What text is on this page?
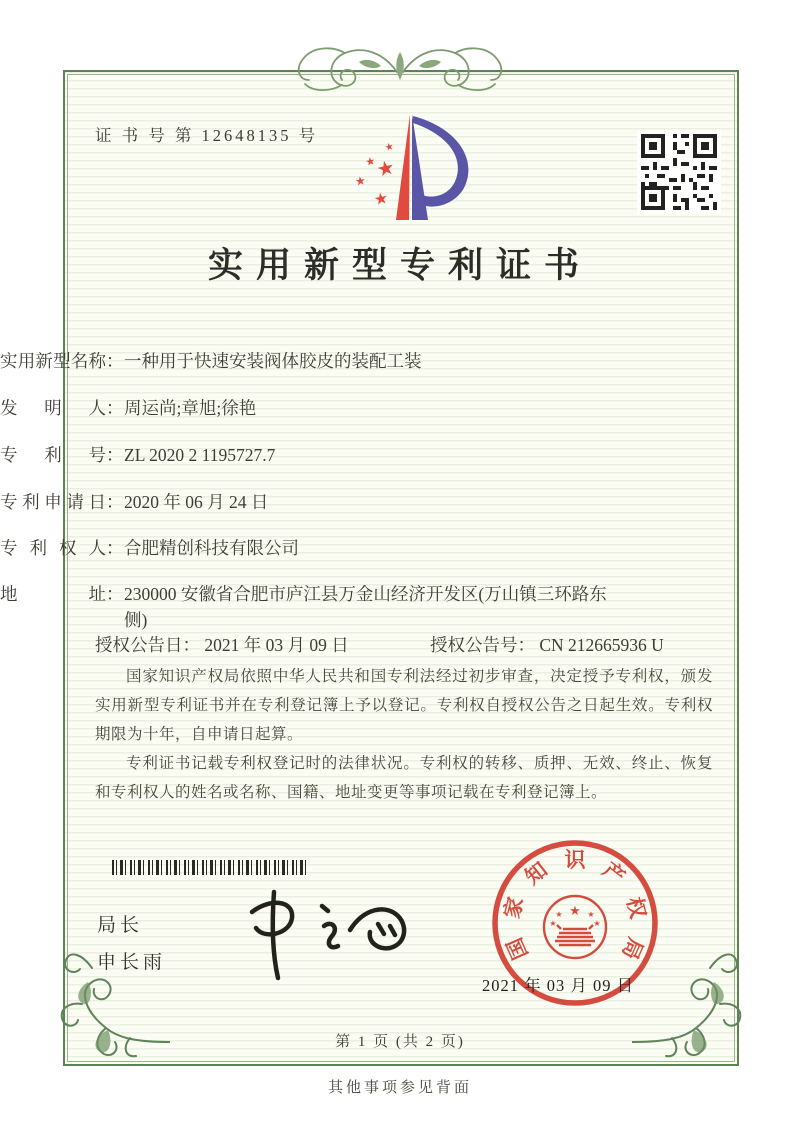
证 书 号 第 12648135 号
★
★
★
★
★
实用新型专利证书
实用新型名称 ： 一种用于快速安装阀体胶皮的装配工装
发 明 人 ： 周运尚;章旭;徐艳
专 利 号 ： ZL 2020 2 1195727.7
专利申请日 ： 2020 年 06 月 24 日
专 利 权 人 ： 合肥精创科技有限公司
地 址 ： 230000 安徽省合肥市庐江县万金山经济开发区(万山镇三环路东侧)
授权公告日： 2021 年 03 月 09 日	授权公告号： CN 212665936 U

国家知识产权局依照中华人民共和国专利法经过初步审查，决定授予专利权，颁发实用新型专利证书并在专利登记簿上予以登记。专利权自授权公告之日起生效。专利权期限为十年，自申请日起算。

专利证书记载专利权登记时的法律状况。专利权的转移、质押、无效、终止、恢复和专利权人的姓名或名称、国籍、地址变更等事项记载在专利登记簿上。

局长
申长雨	国
家
知 识 产
权
局
★
★	★
★	★
2021 年 03 月 09 日
第 1 页 (共 2 页)
其他事项参见背面
